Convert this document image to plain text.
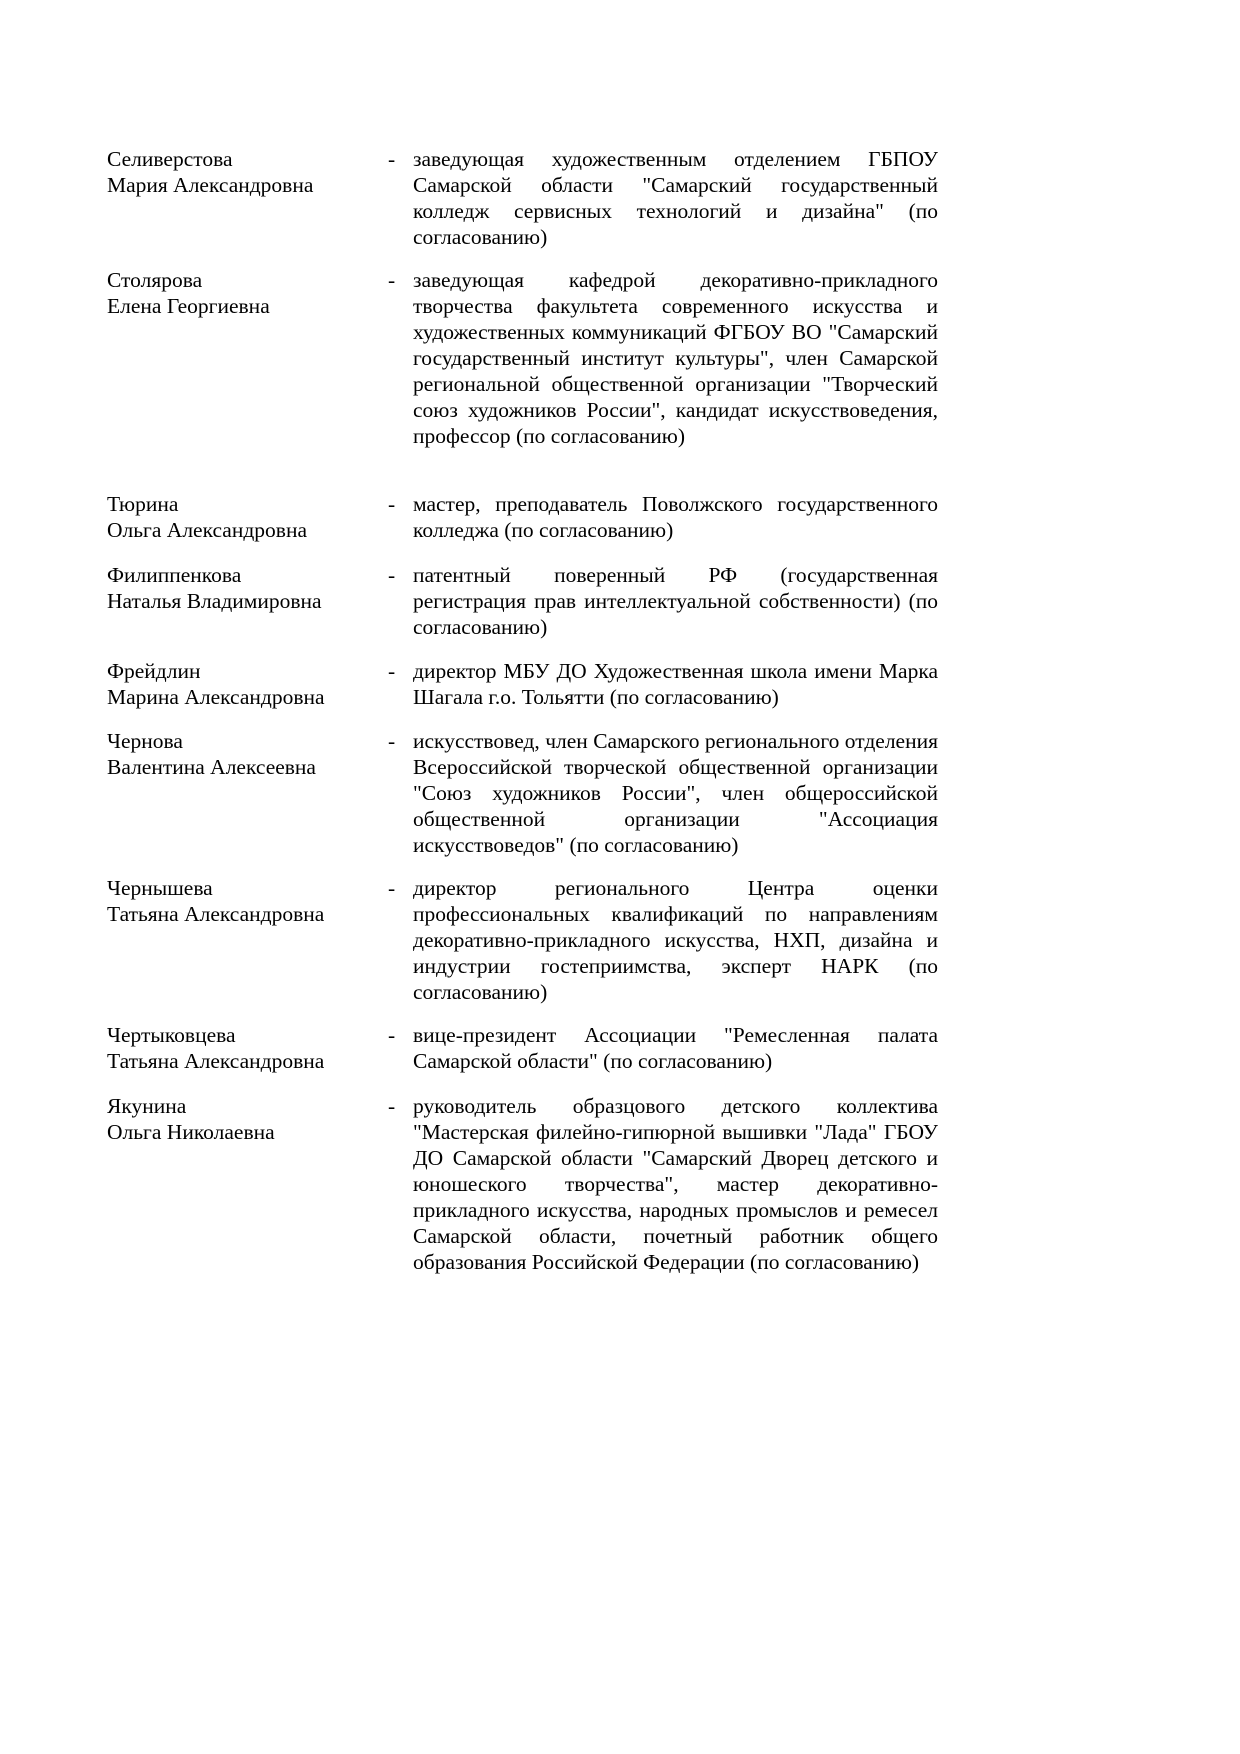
Селиверстова
Мария Александровна
- заведующая художественным отделением ГБПОУ Самарской области "Самарский государственный колледж сервисных технологий и дизайна" (по согласованию)
Столярова
Елена Георгиевна
- заведующая кафедрой декоративно-прикладного творчества факультета современного искусства и художественных коммуникаций ФГБОУ ВО "Самарский государственный институт культуры", член Самарской региональной общественной организации "Творческий союз художников России", кандидат искусствоведения, профессор (по согласованию)
Тюрина
Ольга Александровна
- мастер, преподаватель Поволжского государственного колледжа (по согласованию)
Филиппенкова
Наталья Владимировна
- патентный поверенный РФ (государственная регистрация прав интеллектуальной собственности) (по согласованию)
Фрейдлин
Марина Александровна
- директор МБУ ДО Художественная школа имени Марка Шагала г.о. Тольятти (по согласованию)
Чернова
Валентина Алексеевна
- искусствовед, член Самарского регионального отделения Всероссийской творческой общественной организации "Союз художников России", член общероссийской общественной организации "Ассоциация искусствоведов" (по согласованию)
Чернышева
Татьяна Александровна
- директор регионального Центра оценки профессиональных квалификаций по направлениям декоративно-прикладного искусства, НХП, дизайна и индустрии гостеприимства, эксперт НАРК (по согласованию)
Чертыковцева
Татьяна Александровна
- вице-президент Ассоциации "Ремесленная палата Самарской области" (по согласованию)
Якунина
Ольга Николаевна
- руководитель образцового детского коллектива "Мастерская филейно-гипюрной вышивки "Лада" ГБОУ ДО Самарской области "Самарский Дворец детского и юношеского творчества", мастер декоративно-прикладного искусства, народных промыслов и ремесел Самарской области, почетный работник общего образования Российской Федерации (по согласованию)
